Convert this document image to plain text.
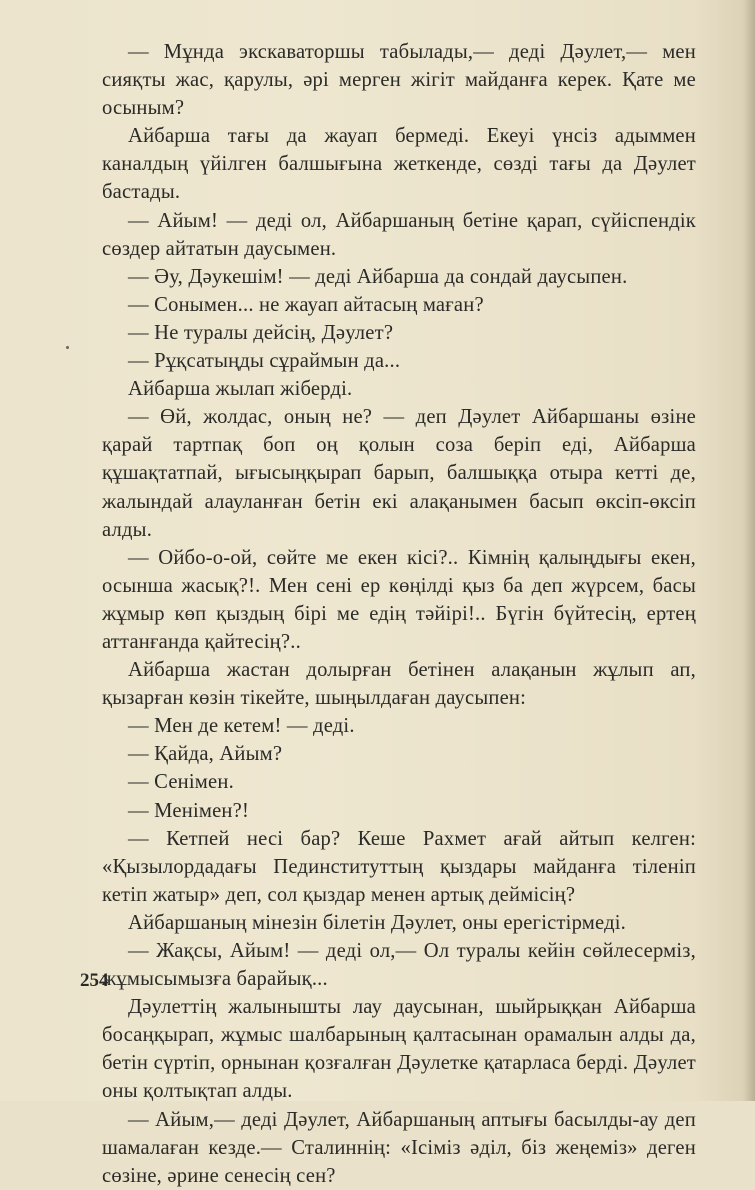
— Мұнда экскаваторшы табылады,— деді Дәулет,— мен сияқты жас, қарулы, әрі мерген жігіт майданға керек. Қате ме осыным?

Айбарша тағы да жауап бермеді. Екеуі үнсіз адыммен каналдың үйілген балшығына жеткенде, сөзді тағы да Дәулет бастады.

— Айым! — деді ол, Айбаршаның бетіне қарап, сүйіспендік сөздер айтатын даусымен.

— Әу, Дәукешім! — деді Айбарша да сондай даусыпен.

— Сонымен... не жауап айтасың маған?

— Не туралы дейсің, Дәулет?

— Рұқсатыңды сұраймын да...

Айбарша жылап жіберді.

— Өй, жолдас, оның не? — деп Дәулет Айбаршаны өзіне қарай тартпақ боп оң қолын соза беріп еді, Айбарша құшақтатпай, ығысыңқырап барып, балшыққа отыра кетті де, жалындай алауланған бетін екі алақанымен басып өксіп-өксіп алды.

— Ойбо-о-ой, сөйте ме екен кісі?.. Кімнің қалыңдығы екен, осынша жасық?!. Мен сені ер көңілді қыз ба деп жүрсем, басы жұмыр көп қыздың бірі ме едің тәйірі!.. Бүгін бүйтесің, ертең аттанғанда қайтесің?..

Айбарша жастан долырған бетінен алақанын жұлып ап, қызарған көзін тікейте, шыңылдаған даусыпен:

— Мен де кетем! — деді.

— Қайда, Айым?

— Сенімен.

— Менімен?!

— Кетпей несі бар? Кеше Рахмет ағай айтып келген: «Қызылордадағы Пединституттың қыздары майданға тіленіп кетіп жатыр» деп, сол қыздар менен артық деймісің?

Айбаршаның мінезін білетін Дәулет, оны ерегістірмеді.

— Жақсы, Айым! — деді ол,— Ол туралы кейін сөйлесерміз, жұмысымызға барайық...

Дәулеттің жалынышты лау даусынан, шыйрыққан Айбарша босаңқырап, жұмыс шалбарының қалтасынан орамалын алды да, бетін сүртіп, орнынан қозғалған Дәулетке қатарласа берді. Дәулет оны қолтықтап алды.

— Айым,— деді Дәулет, Айбаршаның аптығы басылды-ау деп шамалаған кезде.— Сталиннің: «Ісіміз әділ, біз жеңеміз» деген сөзіне, әрине сенесің сен?

254
